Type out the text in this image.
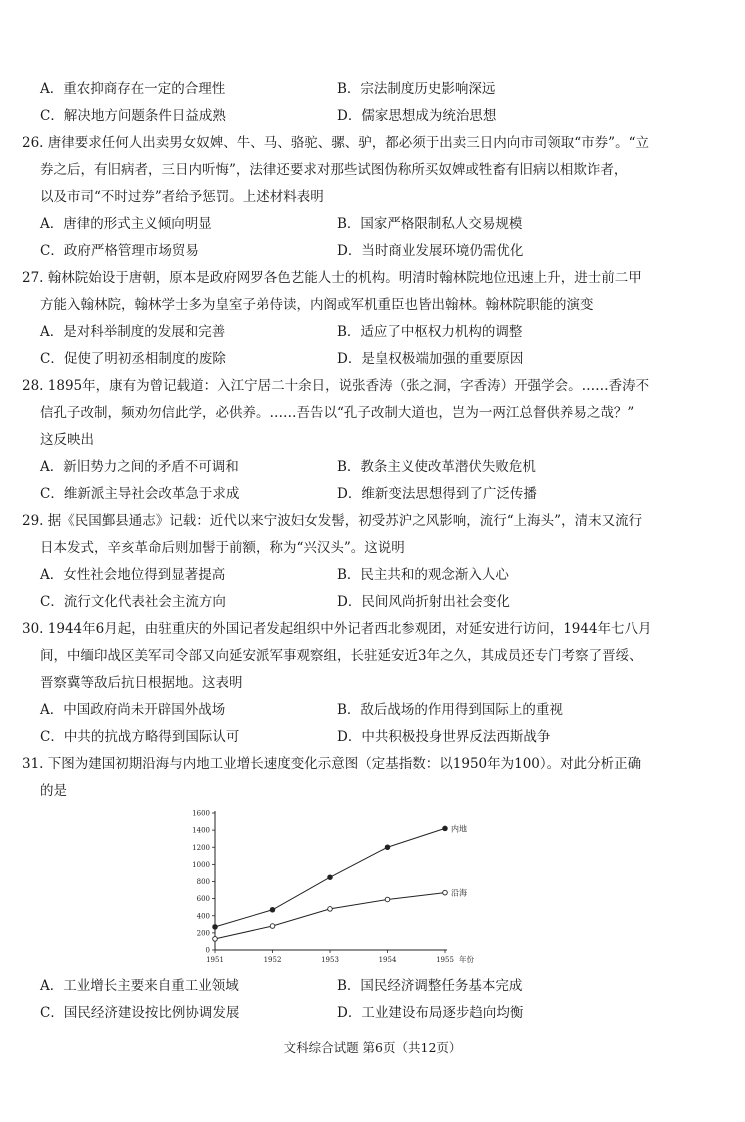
A．重农抑商存在一定的合理性	B．宗法制度历史影响深远
C．解决地方问题条件日益成熟	D．儒家思想成为统治思想
26. 唐律要求任何人出卖男女奴婢、牛、马、骆驼、骡、驴，都必须于出卖三日内向市司领取“市券”。“立
券之后，有旧病者，三日内听悔”，法律还要求对那些试图伪称所买奴婢或牲畜有旧病以相欺诈者，
以及市司“不时过券”者给予惩罚。上述材料表明
A．唐律的形式主义倾向明显	B．国家严格限制私人交易规模
C．政府严格管理市场贸易	D．当时商业发展环境仍需优化
27. 翰林院始设于唐朝，原本是政府网罗各色艺能人士的机构。明清时翰林院地位迅速上升，进士前二甲
方能入翰林院，翰林学士多为皇室子弟侍读，内阁或军机重臣也皆出翰林。翰林院职能的演变
A．是对科举制度的发展和完善	B．适应了中枢权力机构的调整
C．促使了明初丞相制度的废除	D．是皇权极端加强的重要原因
28. 1895年，康有为曾记载道：入江宁居二十余日，说张香涛（张之洞，字香涛）开强学会。……香涛不
信孔子改制，频劝勿信此学，必供养。……吾告以“孔子改制大道也，岂为一两江总督供养易之哉？”
这反映出
A．新旧势力之间的矛盾不可调和	B．教条主义使改革潜伏失败危机
C．维新派主导社会改革急于求成	D．维新变法思想得到了广泛传播
29. 据《民国鄞县通志》记载：近代以来宁波妇女发髻，初受苏沪之风影响，流行“上海头”，清末又流行
日本发式，辛亥革命后则加髻于前额，称为“兴汉头”。这说明
A．女性社会地位得到显著提高	B．民主共和的观念渐入人心
C．流行文化代表社会主流方向	D．民间风尚折射出社会变化
30. 1944年6月起，由驻重庆的外国记者发起组织中外记者西北参观团，对延安进行访问，1944年七八月
间，中缅印战区美军司令部又向延安派军事观察组，长驻延安近3年之久，其成员还专门考察了晋绥、
晋察冀等敌后抗日根据地。这表明
A．中国政府尚未开辟国外战场	B．敌后战场的作用得到国际上的重视
C．中共的抗战方略得到国际认可	D．中共积极投身世界反法西斯战争
31. 下图为建国初期沿海与内地工业增长速度变化示意图（定基指数：以1950年为100）。对此分析正确
的是
0
200
400
600
800
1000
1200
1400
1600
1951	1952	1953	1954	1955 年份
内地
沿海
A．工业增长主要来自重工业领域	B．国民经济调整任务基本完成
C．国民经济建设按比例协调发展	D．工业建设布局逐步趋向均衡
文科综合试题 第6页（共12页）
